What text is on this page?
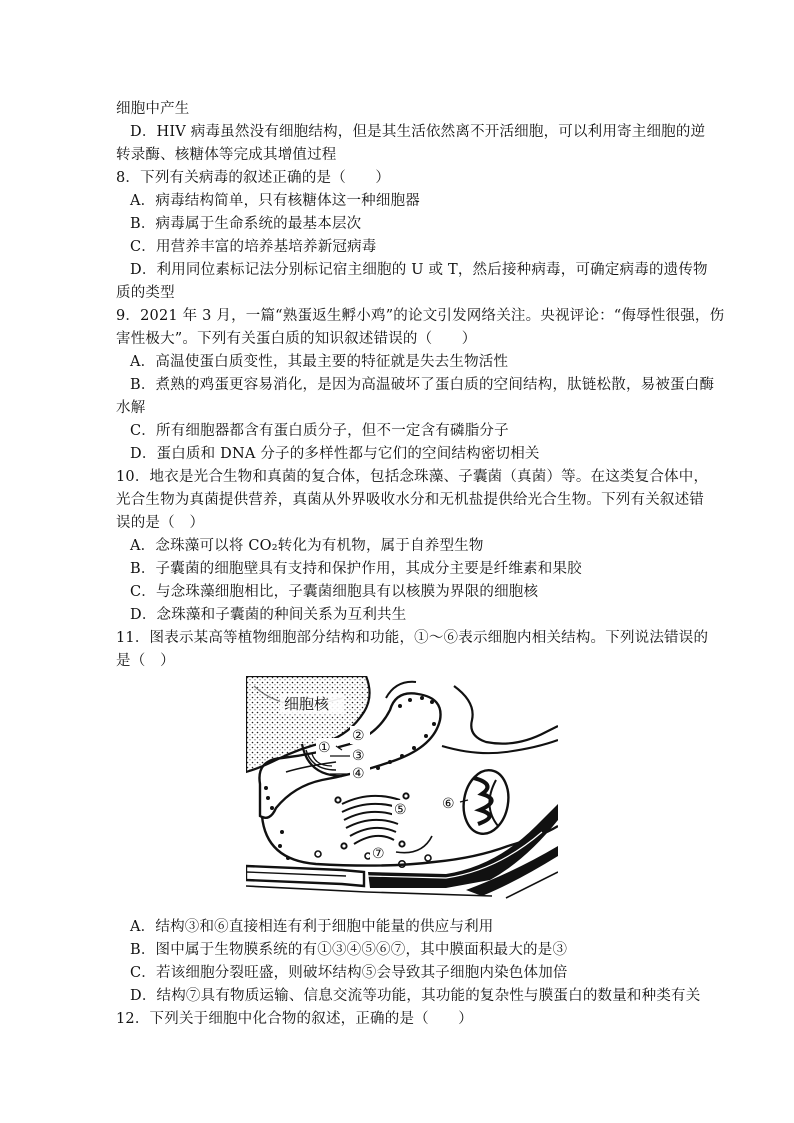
细胞中产生
D．HIV 病毒虽然没有细胞结构，但是其生活依然离不开活细胞，可以利用寄主细胞的逆
转录酶、核糖体等完成其增值过程
8．下列有关病毒的叙述正确的是（　　）
A．病毒结构简单，只有核糖体这一种细胞器
B．病毒属于生命系统的最基本层次
C．用营养丰富的培养基培养新冠病毒
D．利用同位素标记法分别标记宿主细胞的 U 或 T，然后接种病毒，可确定病毒的遗传物
质的类型
9．2021 年 3 月，一篇“熟蛋返生孵小鸡”的论文引发网络关注。央视评论：“侮辱性很强，伤
害性极大”。下列有关蛋白质的知识叙述错误的（　　）
A．高温使蛋白质变性，其最主要的特征就是失去生物活性
B．煮熟的鸡蛋更容易消化，是因为高温破坏了蛋白质的空间结构，肽链松散，易被蛋白酶
水解
C．所有细胞器都含有蛋白质分子，但不一定含有磷脂分子
D．蛋白质和 DNA 分子的多样性都与它们的空间结构密切相关
10．地衣是光合生物和真菌的复合体，包括念珠藻、子囊菌（真菌）等。在这类复合体中，
光合生物为真菌提供营养，真菌从外界吸收水分和无机盐提供给光合生物。下列有关叙述错
误的是（　）
A．念珠藻可以将 CO₂转化为有机物，属于自养型生物
B．子囊菌的细胞壁具有支持和保护作用，其成分主要是纤维素和果胶
C．与念珠藻细胞相比，子囊菌细胞具有以核膜为界限的细胞核
D．念珠藻和子囊菌的种间关系为互利共生
11．图表示某高等植物细胞部分结构和功能，①～⑥表示细胞内相关结构。下列说法错误的
是（　）
细胞核
①
②
③
④
⑤	⑥
⑦
A．结构③和⑥直接相连有利于细胞中能量的供应与利用
B．图中属于生物膜系统的有①③④⑤⑥⑦，其中膜面积最大的是③
C．若该细胞分裂旺盛，则破坏结构⑤会导致其子细胞内染色体加倍
D．结构⑦具有物质运输、信息交流等功能，其功能的复杂性与膜蛋白的数量和种类有关
12．下列关于细胞中化合物的叙述，正确的是（　　）
